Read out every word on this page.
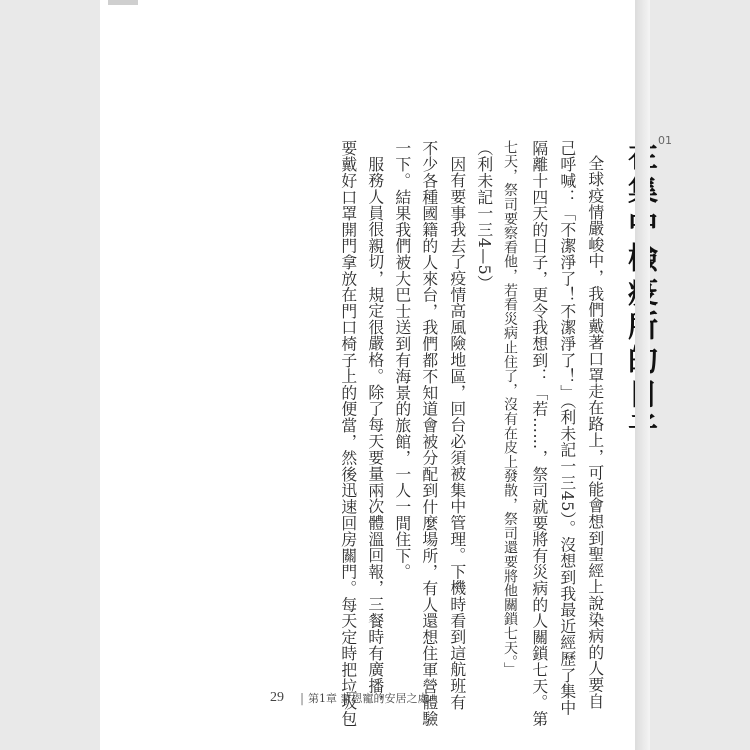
01
全球疫情嚴峻中，我們戴著口罩走在路上，可能會想到聖經上說染病的人要自
己呼喊：「不潔淨了！不潔淨了！」（利未記一三45）。沒想到我最近經歷了集中
隔離十四天的日子，更令我想到：「若……，祭司就要將有災病的人關鎖七天。第
七天，祭司要察看他，若看災病止住了，沒有在皮上發散，祭司還要將他關鎖七天。」
（利未記一三4—5）
因有要事我去了疫情高風險地區，回台必須被集中管理。下機時看到這航班有
不少各種國籍的人來台，我們都不知道會被分配到什麼場所，有人還想住軍營體驗
一下。結果我們被大巴士送到有海景的旅館，一人一間住下。
服務人員很親切，規定很嚴格。除了每天要量兩次體溫回報，三餐時有廣播，
要戴好口罩開門拿放在門口椅子上的便當，然後迅速回房關門。每天定時把垃圾包
29 | 第1章 蒙恩寵的安居之處
